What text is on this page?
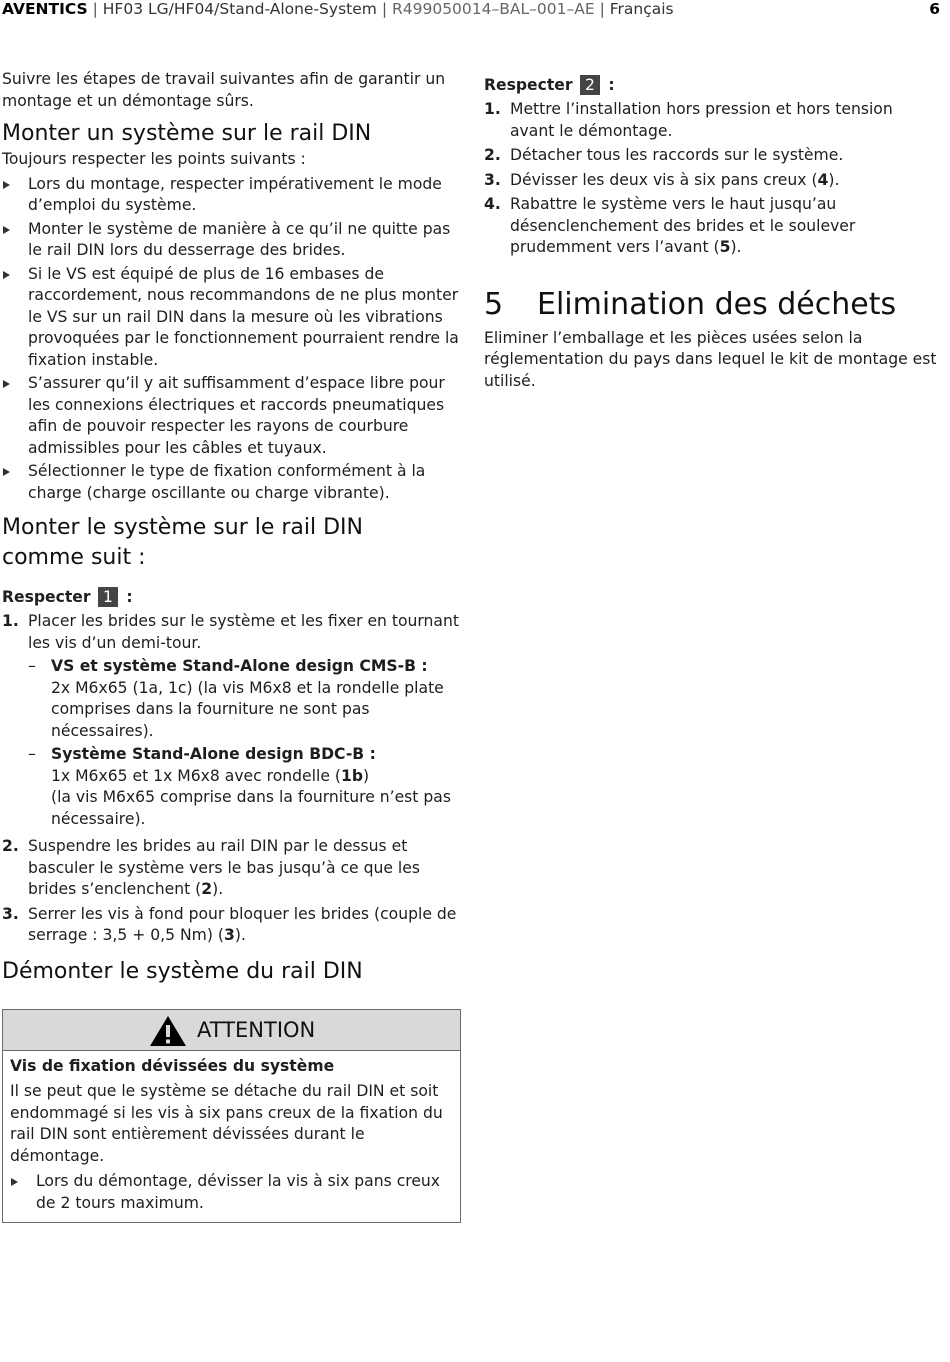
AVENTICS | HF03 LG/HF04/Stand-Alone-System | R499050014–BAL–001–AE | Français	6

Suivre les étapes de travail suivantes afin de garantir un montage et un démontage sûrs.

Monter un système sur le rail DIN

Toujours respecter les points suivants :

Lors du montage, respecter impérativement le mode d’emploi du système.
Monter le système de manière à ce qu’il ne quitte pas le rail DIN lors du desserrage des brides.
Si le VS est équipé de plus de 16 embases de raccordement, nous recommandons de ne plus monter le VS sur un rail DIN dans la mesure où les vibrations provoquées par le fonctionnement pourraient rendre la fixation instable.
S’assurer qu’il y ait suffisamment d’espace libre pour les connexions électriques et raccords pneumatiques afin de pouvoir respecter les rayons de courbure admissibles pour les câbles et tuyaux.
Sélectionner le type de fixation conformément à la charge (charge oscillante ou charge vibrante).
Monter le système sur le rail DIN
comme suit :

Respecter 1 :

1. Placer les brides sur le système et les fixer en tournant les vis d’un demi-tour.
– VS et système Stand-Alone design CMS-B :
2x M6x65 (1a, 1c) (la vis M6x8 et la rondelle plate comprises dans la fourniture ne sont pas nécessaires).
– Système Stand-Alone design BDC-B :
1x M6x65 et 1x M6x8 avec rondelle (1b)
(la vis M6x65 comprise dans la fourniture n’est pas nécessaire).
2. Suspendre les brides au rail DIN par le dessus et basculer le système vers le bas jusqu’à ce que les brides s’enclenchent (2).
3. Serrer les vis à fond pour bloquer les brides (couple de serrage : 3,5 + 0,5 Nm) (3).
Démonter le système du rail DIN
ATTENTION

Vis de fixation dévissées du système

Il se peut que le système se détache du rail DIN et soit endommagé si les vis à six pans creux de la fixation du rail DIN sont entièrement dévissées durant le démontage.

Lors du démontage, dévisser la vis à six pans creux de 2 tours maximum.

Respecter 2 :

1. Mettre l’installation hors pression et hors tension avant le démontage.
2. Détacher tous les raccords sur le système.
3. Dévisser les deux vis à six pans creux (4).
4. Rabattre le système vers le haut jusqu’au désenclenchement des brides et le soulever prudemment vers l’avant (5).
5 Elimination des déchets

Eliminer l’emballage et les pièces usées selon la réglementation du pays dans lequel le kit de montage est utilisé.
